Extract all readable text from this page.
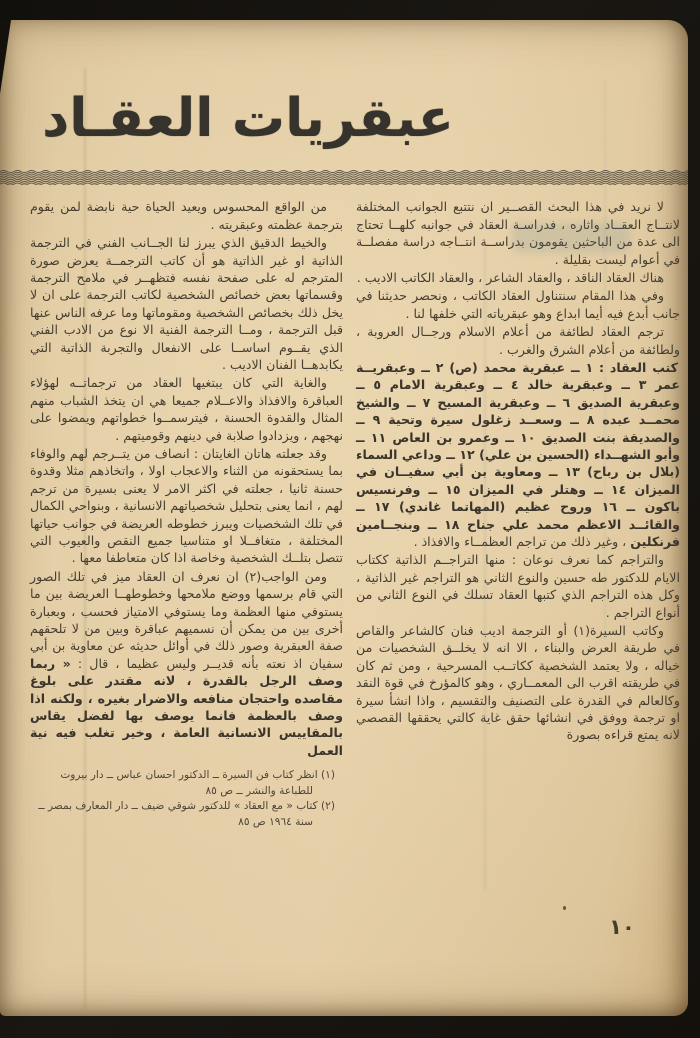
عبقريات العقـاد

لا نريد في هذا البحث القصــير ان نتتبع الجوانب المختلفة لانتــاج العقــاد واثاره ، فدراسـة العقاد في جوانبه كلهــا تحتاج الى عدة من الباحثين يقومون بدراســة انتــاجه دراسة مفصلــة في أعوام ليست بقليلة .

هناك العقاد الناقد ، والعقاد الشاعر ، والعقاد الكاتب الاديب .

وفي هذا المقام سنتناول العقاد الكاتب ، ونحصر حديثنا في جانب أبدع فيه أيما ابداع وهو عبقرياته التي خلفها لنا .

ترجم العقاد لطائفة من أعلام الاسلام ورجــال العروبة ، ولطائفة من أعلام الشرق والغرب .

كتب العقاد : ١ ــ عبقرية محمد (ص) ٢ ــ وعبقريــة عمر ٣ ــ وعبقرية خالد ٤ ــ وعبقرية الامام ٥ ــ وعبقرية الصديق ٦ ــ وعبقرية المسيح ٧ ــ والشيخ محمــد عبده ٨ ــ وسعــد زغلول سيرة وتحية ٩ ــ والصديقة بنت الصديق ١٠ ــ وعمرو بن العاص ١١ ــ وأبو الشهــداء (الحسين بن علي) ١٢ ــ وداعي السماء (بلال بن رباح) ١٣ ــ ومعاوية بن أبي سفيــان في الميزان ١٤ ــ وهتلر في الميزان ١٥ ــ وفرنسيس باكون ــ ١٦ وروح عظيم (المهاتما غاندي) ١٧ ــ والقائــد الاعظم محمد علي جناح ١٨ ــ وبنجــامين فرنكلين ، وغير ذلك من تراجم العظمــاء والافذاذ .

والتراجم كما نعرف نوعان : منها التراجــم الذاتية ككتاب الايام للدكتور طه حسين والنوع الثاني هو التراجم غير الذاتية ، وكل هذه التراجم الذي كتبها العقاد تسلك في النوع الثاني من أنواع التراجم .

وكاتب السيرة(١) أو الترجمة اديب فنان كالشاعر والقاص في طريقة العرض والبناء ، الا انه لا يخلــق الشخصيات من خياله ، ولا يعتمد الشخصية ككاتــب المسرحية ، ومن ثم كان في طريقته اقرب الى المعمــاري ، وهو كالمؤرخ في قوة النقد وكالعالم في القدرة على التصنيف والتقسيم ، واذا انشأ سيرة او ترجمة ووفق في انشائها حقق غاية كالتي يحققها القصصي لانه يمتع قراءه بصورة

من الواقع المحسوس ويعيد الحياة حية نابضة لمن يقوم بترجمة عظمته وعبقريته .

والخيط الدقيق الذي يبرز لنا الجــانب الفني في الترجمة الذاتية او غير الذاتية هو أن كاتب الترجمــة يعرض صورة المترجم له على صفحة نفسه فتظهــر في ملامح الترجمة وقسماتها بعض خصائص الشخصية لكاتب الترجمة على ان لا يخل ذلك بخصائص الشخصية ومقوماتها وما عرفه الناس عنها قبل الترجمة ، ومــا الترجمة الفنية الا نوع من الادب الفني الذي يقــوم اساســا على الانفعال والتجربة الذاتية التي يكابدهــا الفنان الاديب .

والغاية التي كان يبتغيها العقاد من ترجماتــه لهؤلاء العباقرة والافذاذ والاعــلام جميعا هي ان يتخذ الشباب منهم المثال والقدوة الحسنة ، فيترسمــوا خطواتهم ويمضوا على نهجهم ، ويزدادوا صلابة في دينهم وقوميتهم .

وقد جعلته هاتان الغايتان : انصاف من يتــرجم لهم والوفاء بما يستحقونه من الثناء والاعجاب اولا ، واتخاذهم مثلا وقدوة حسنة ثانيا ، جعلته في اكثر الامر لا يعنى بسيرة من ترجم لهم ، انما يعنى بتحليل شخصياتهم الانسانية ، وبنواحي الكمال في تلك الشخصيات ويبرز خطوطه العريضة في جوانب حياتها المختلفة ، متغافــلا او متناسيا جميع النقص والعيوب التي تتصل بتلــك الشخصية وخاصة اذا كان متعاطفا معها .

ومن الواجب(٢) ان نعرف ان العقاد ميز في تلك الصور التي قام برسمها ووضع ملامحها وخطوطهــا العريضة بين ما يستوفي منها العظمة وما يستوفي الامتياز فحسب ، وبعبارة أخرى بين من يمكن أن نسميهم عباقرة وبين من لا تلحقهم صفة العبقرية وصور ذلك في أوائل حديثه عن معاوية بن أبي سفيان اذ نعته بأنه قديــر وليس عظيما ، قال : « ربما وصف الرجل بالقدرة ، لانه مقتدر على بلوغ مقاصده واحتجان منافعه والاضرار بغيره ، ولكنه اذا وصف بالعظمة فانما يوصف بها لفضل يقاس بالمقاييس الانسانية العامة ، وخير تغلب فيه نية العمل

(١) انظر كتاب فن السيرة ــ الدكتور احسان عباس ــ دار بيروت للطباعة والنشر ــ ص ٨٥

(٢) كتاب « مع العقاد » للدكتور شوقي ضيف ــ دار المعارف بمصر ــ سنة ١٩٦٤ ص ٨٥

١٠
